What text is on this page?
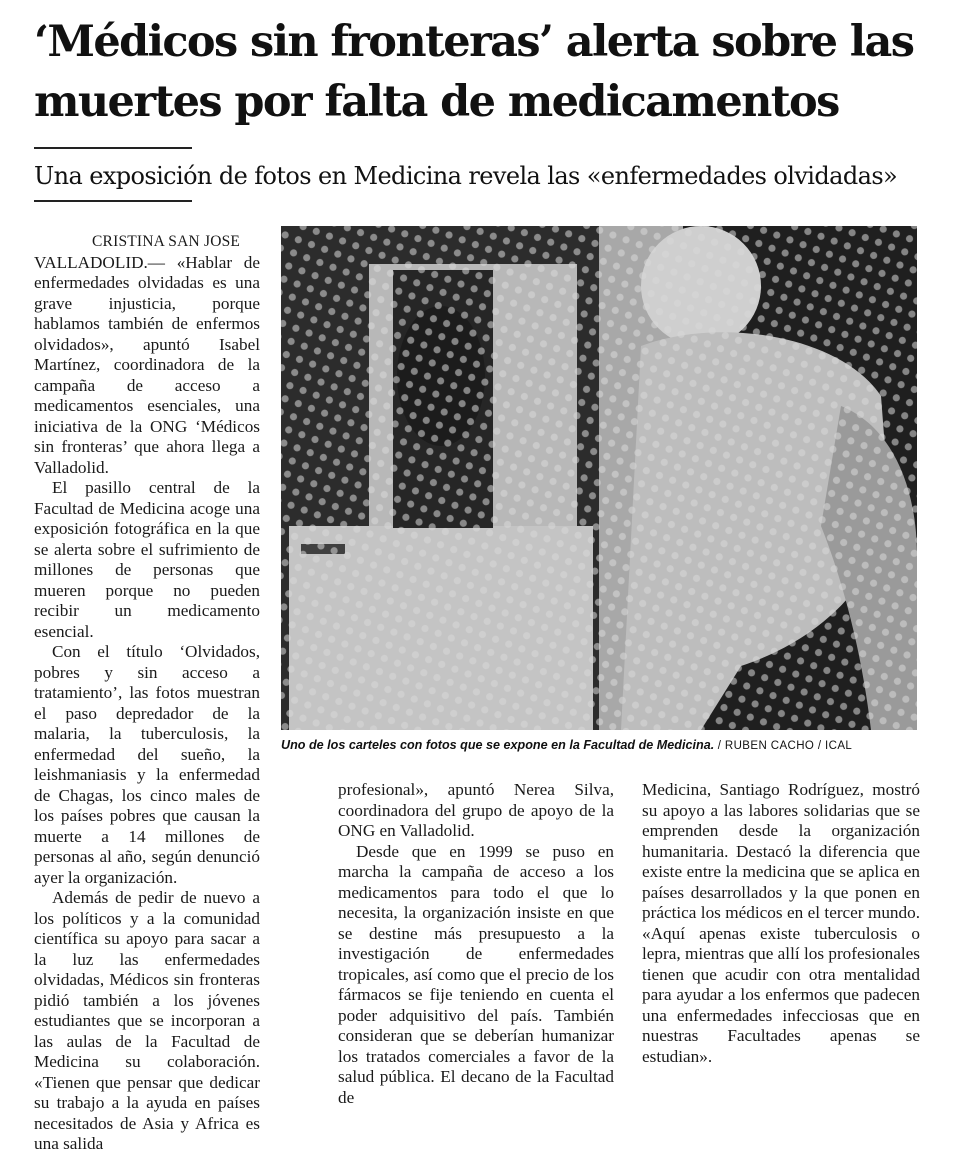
‘Médicos sin fronteras’ alerta sobre las muertes por falta de medicamentos
Una exposición de fotos en Medicina revela las «enfermedades olvidadas»

CRISTINA SAN JOSE

VALLADOLID.— «Hablar de enfermedades olvidadas es una grave injusticia, porque hablamos también de enfermos olvidados», apuntó Isabel Martínez, coordinadora de la campaña de acceso a medicamentos esenciales, una iniciativa de la ONG ‘Médicos sin fronteras’ que ahora llega a Valladolid.

El pasillo central de la Facultad de Medicina acoge una exposición fotográfica en la que se alerta sobre el sufrimiento de millones de personas que mueren porque no pueden recibir un medicamento esencial.

Con el título ‘Olvidados, pobres y sin acceso a tratamiento’, las fotos muestran el paso depredador de la malaria, la tuberculosis, la enfermedad del sueño, la leishmaniasis y la enfermedad de Chagas, los cinco males de los países pobres que causan la muerte a 14 millones de personas al año, según denunció ayer la organización.

Además de pedir de nuevo a los políticos y a la comunidad científica su apoyo para sacar a la luz las enfermedades olvidadas, Médicos sin fronteras pidió también a los jóvenes estudiantes que se incorporan a las aulas de la Facultad de Medicina su colaboración. «Tienen que pensar que dedicar su trabajo a la ayuda en países necesitados de Asia y Africa es una salida

Uno de los carteles con fotos que se expone en la Facultad de Medicina. / RUBEN CACHO / ICAL

profesional», apuntó Nerea Silva, coordinadora del grupo de apoyo de la ONG en Valladolid.

Desde que en 1999 se puso en marcha la campaña de acceso a los medicamentos para todo el que lo necesita, la organización insiste en que se destine más presupuesto a la investigación de enfermedades tropicales, así como que el precio de los fármacos se fije teniendo en cuenta el poder adquisitivo del país. También consideran que se deberían humanizar los tratados comerciales a favor de la salud pública. El decano de la Facultad de

Medicina, Santiago Rodríguez, mostró su apoyo a las labores solidarias que se emprenden desde la organización humanitaria. Destacó la diferencia que existe entre la medicina que se aplica en países desarrollados y la que ponen en práctica los médicos en el tercer mundo. «Aquí apenas existe tuberculosis o lepra, mientras que allí los profesionales tienen que acudir con otra mentalidad para ayudar a los enfermos que padecen una enfermedades infecciosas que en nuestras Facultades apenas se estudian».
